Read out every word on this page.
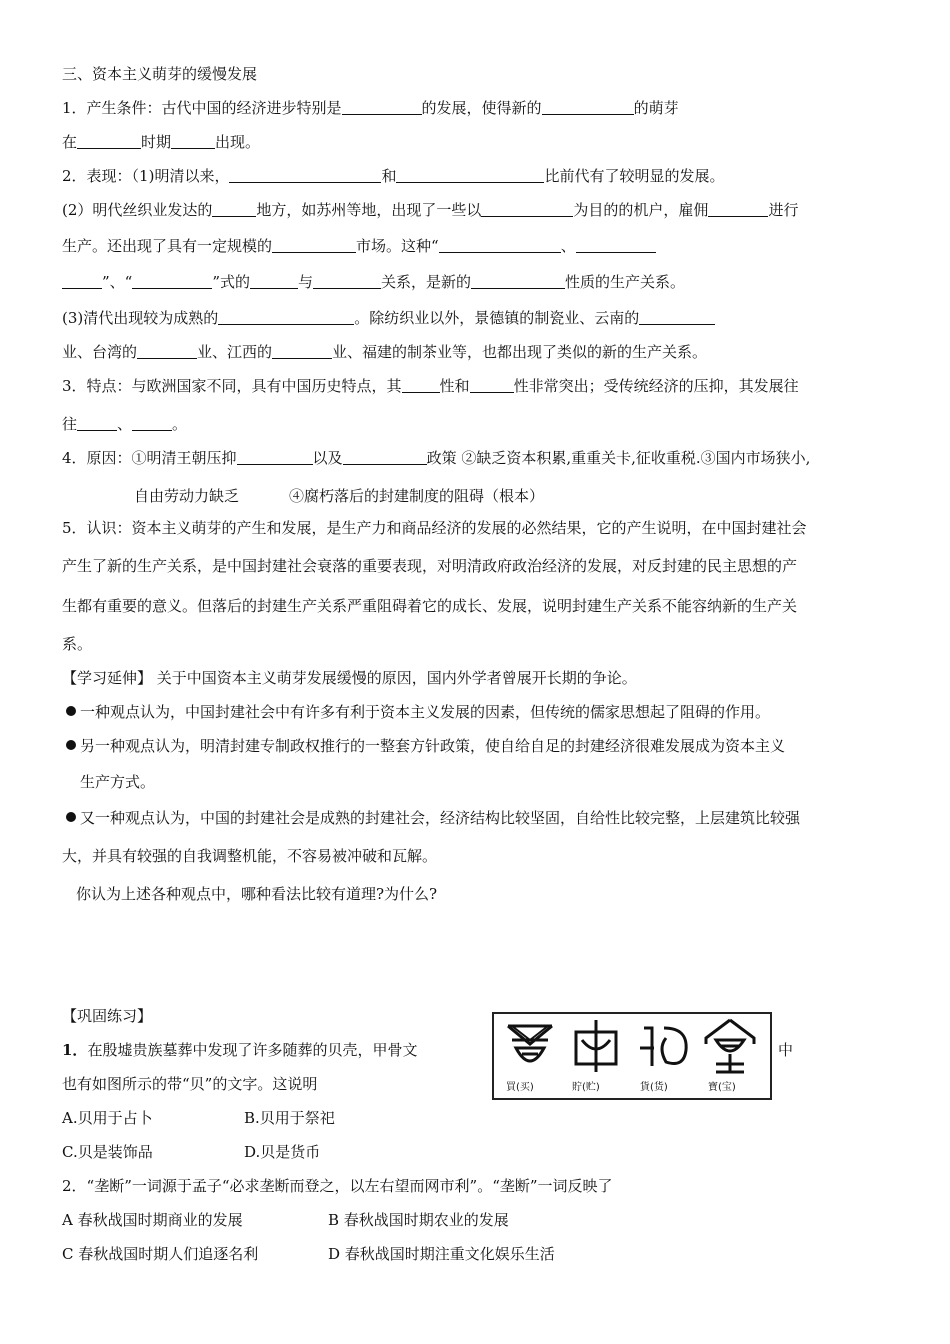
三、资本主义萌芽的缓慢发展
1．产生条件：古代中国的经济进步特别是	的发展，使得新的	的萌芽
在	时期	出现。
2．表现：（1)明清以来，	和	比前代有了较明显的发展。
(2）明代丝织业发达的	地方，如苏州等地，出现了一些以	为目的的机户，雇佣	进行
生产。还出现了具有一定规模的	市场。这种“	、
”、“	”式的	与	关系，是新的	性质的生产关系。
(3)清代出现较为成熟的	。除纺织业以外，景德镇的制瓷业、云南的
业、台湾的	业、江西的	业、福建的制茶业等，也都出现了类似的新的生产关系。
3．特点：与欧洲国家不同，具有中国历史特点，其	性和	性非常突出；受传统经济的压抑，其发展往
往	、	。
4．原因：①明清王朝压抑	以及	政策 ②缺乏资本积累,重重关卡,征收重税.③国内市场狭小,
自由劳动力缺乏	④腐朽落后的封建制度的阻碍（根本）
5．认识：资本主义萌芽的产生和发展，是生产力和商品经济的发展的必然结果，它的产生说明，在中国封建社会
产生了新的生产关系，是中国封建社会衰落的重要表现，对明清政府政治经济的发展，对反封建的民主思想的产
生都有重要的意义。但落后的封建生产关系严重阻碍着它的成长、发展，说明封建生产关系不能容纳新的生产关
系。
【学习延伸】 关于中国资本主义萌芽发展缓慢的原因，国内外学者曾展开长期的争论。
一种观点认为，中国封建社会中有许多有利于资本主义发展的因素，但传统的儒家思想起了阻碍的作用。
另一种观点认为，明清封建专制政权推行的一整套方针政策，使自给自足的封建经济很难发展成为资本主义
生产方式。
又一种观点认为，中国的封建社会是成熟的封建社会，经济结构比较坚固，自给性比较完整，上层建筑比较强
大，并具有较强的自我调整机能，不容易被冲破和瓦解。
你认为上述各种观点中，哪种看法比较有道理?为什么?
【巩固练习】
1．在殷墟贵族墓葬中发现了许多随葬的贝壳，甲骨文	中
也有如图所示的带“贝”的文字。这说明	買(买)	貯(贮)	貨(货)	寶(宝)
A.贝用于占卜	B.贝用于祭祀
C.贝是装饰品	D.贝是货币
2．“垄断”一词源于孟子“必求垄断而登之，以左右望而网市利”。“垄断”一词反映了
A 春秋战国时期商业的发展	B 春秋战国时期农业的发展
C 春秋战国时期人们追逐名利	D 春秋战国时期注重文化娱乐生活
